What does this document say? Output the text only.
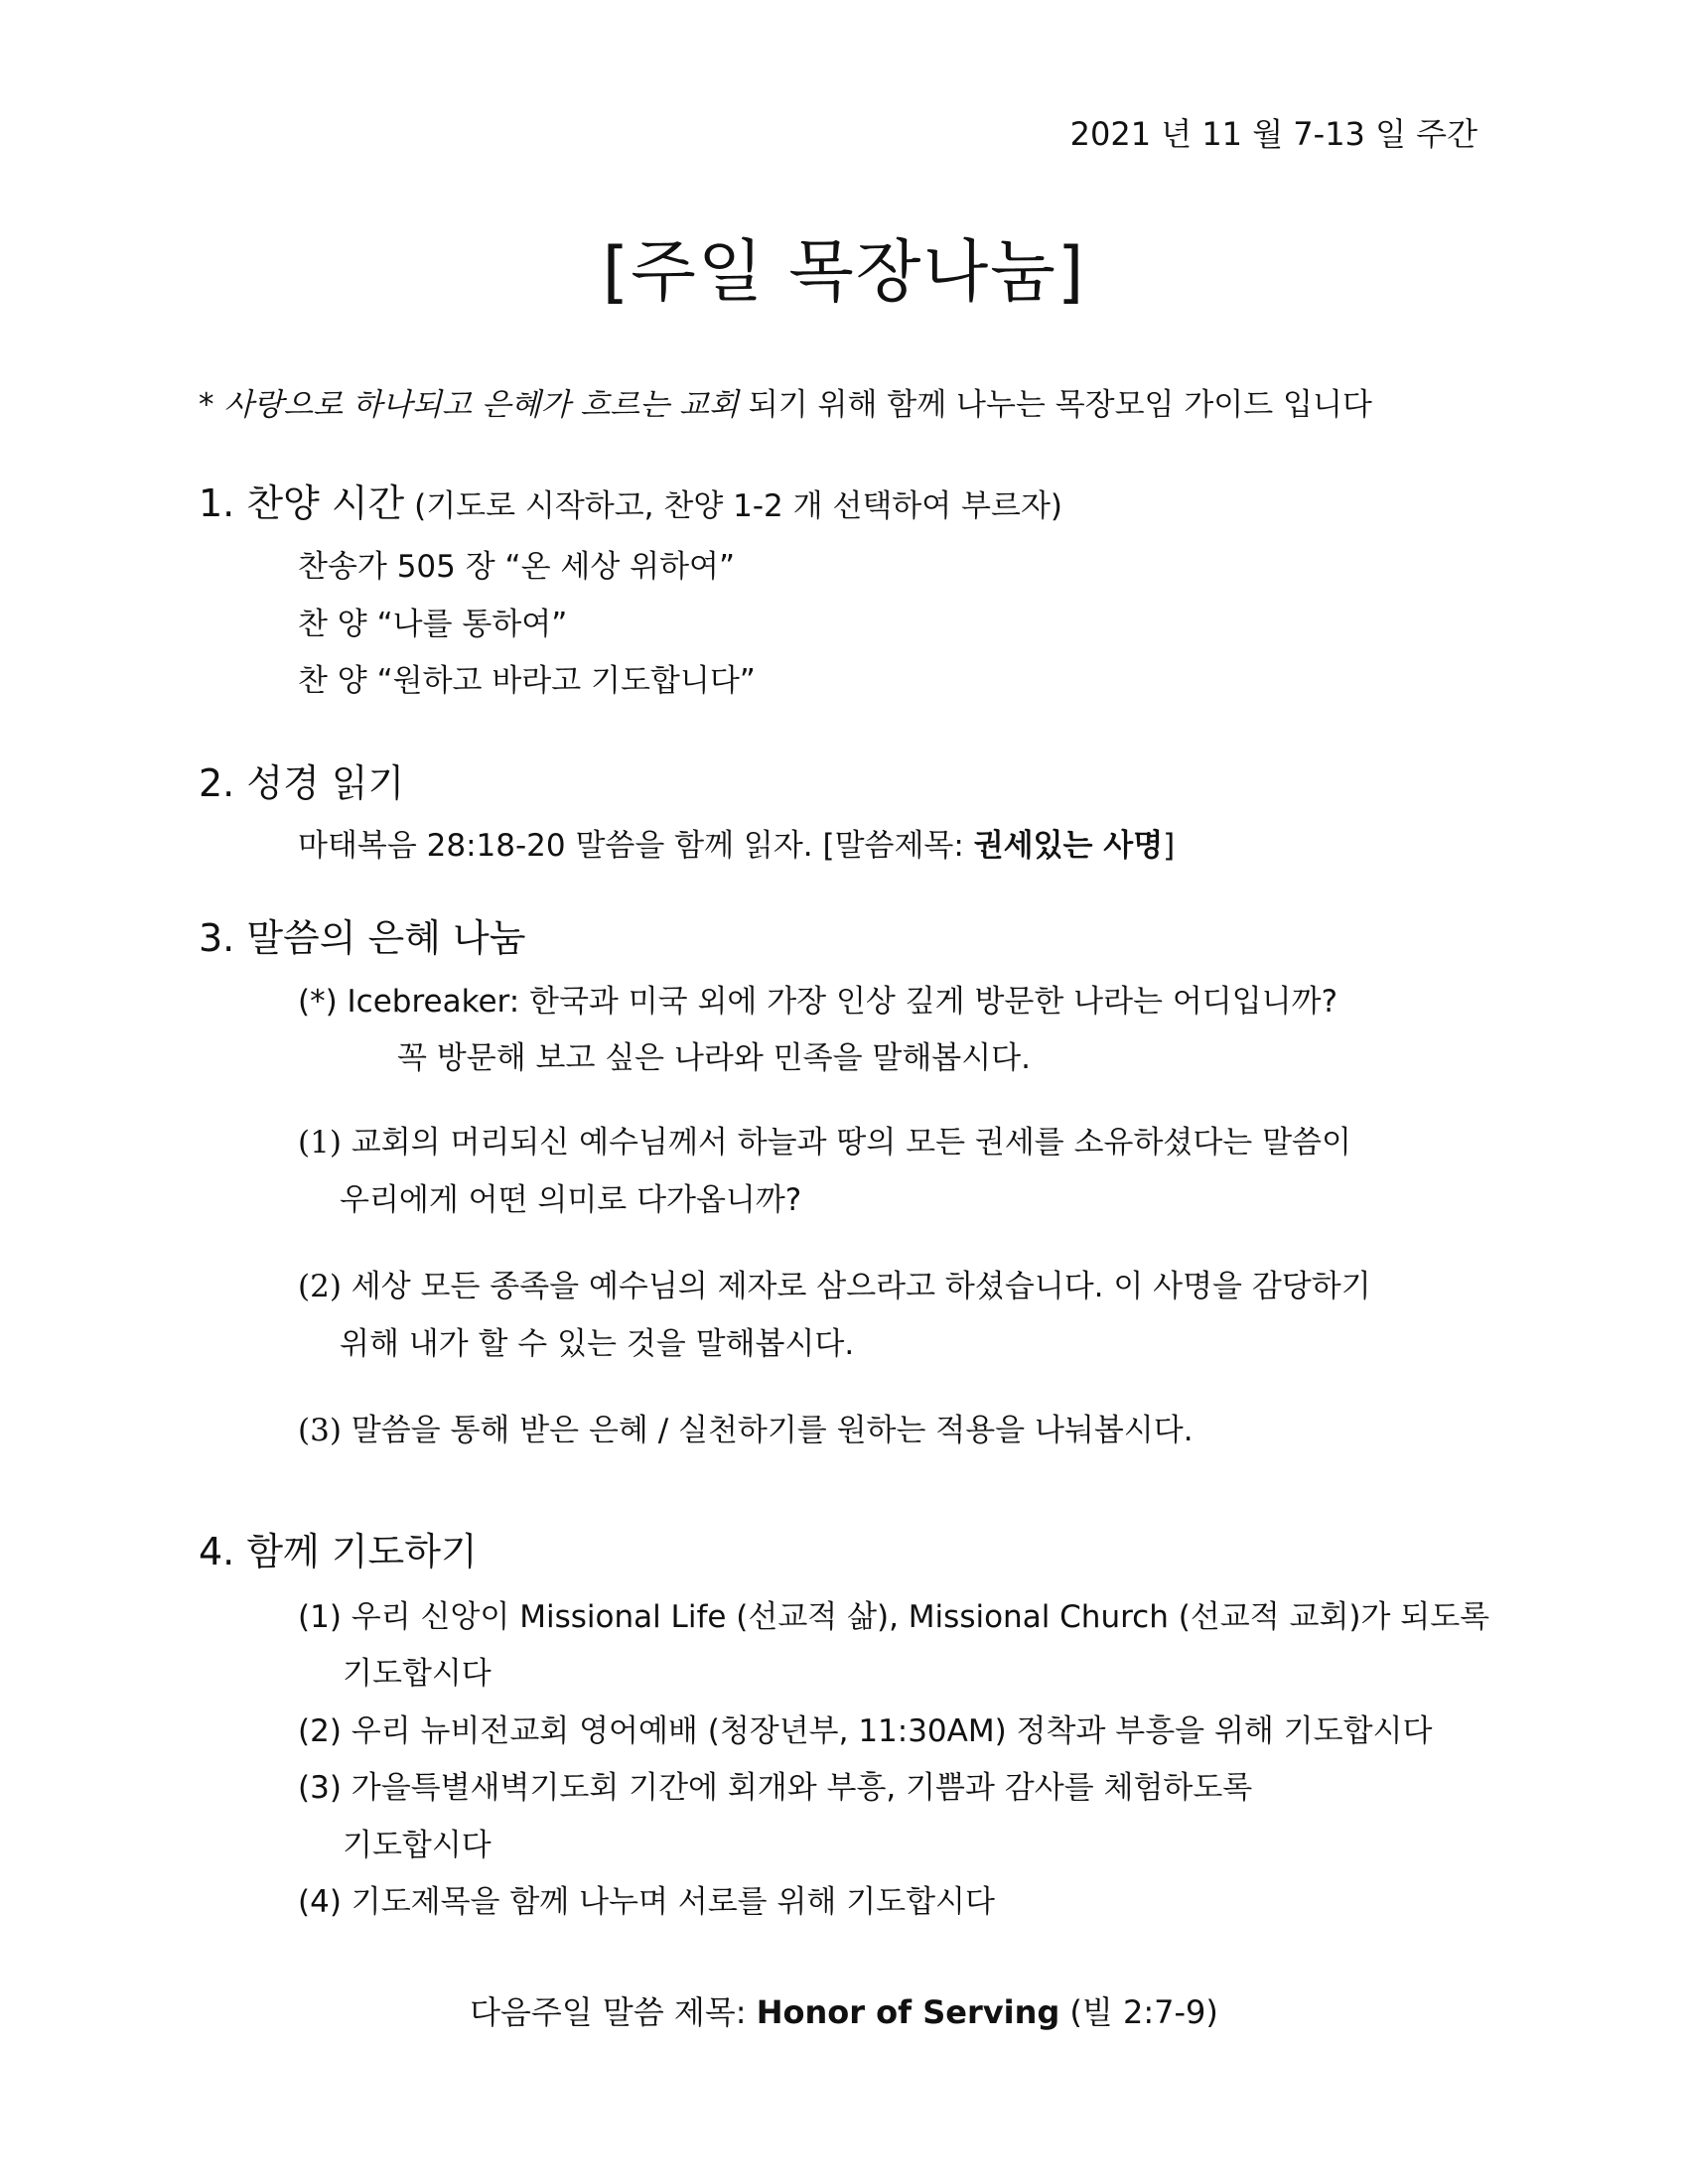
2021 년 11 월 7-13 일 주간
[주일 목장나눔]
* 사랑으로 하나되고 은혜가 흐르는 교회 되기 위해 함께 나누는 목장모임 가이드 입니다
1. 찬양 시간 (기도로 시작하고, 찬양 1-2 개 선택하여 부르자)
찬송가 505 장 “온 세상 위하여”
찬 양 “나를 통하여”
찬 양 “원하고 바라고 기도합니다”
2. 성경 읽기
마태복음 28:18-20 말씀을 함께 읽자. [말씀제목: 권세있는 사명]
3. 말씀의 은혜 나눔
(*) Icebreaker: 한국과 미국 외에 가장 인상 깊게 방문한 나라는 어디입니까?
꼭 방문해 보고 싶은 나라와 민족을 말해봅시다.
(1) 교회의 머리되신 예수님께서 하늘과 땅의 모든 권세를 소유하셨다는 말씀이
우리에게 어떤 의미로 다가옵니까?
(2) 세상 모든 종족을 예수님의 제자로 삼으라고 하셨습니다. 이 사명을 감당하기
위해 내가 할 수 있는 것을 말해봅시다.
(3) 말씀을 통해 받은 은혜 / 실천하기를 원하는 적용을 나눠봅시다.
4. 함께 기도하기
(1) 우리 신앙이 Missional Life (선교적 삶), Missional Church (선교적 교회)가 되도록
기도합시다
(2) 우리 뉴비전교회 영어예배 (청장년부, 11:30AM) 정착과 부흥을 위해 기도합시다
(3) 가을특별새벽기도회 기간에 회개와 부흥, 기쁨과 감사를 체험하도록
기도합시다
(4) 기도제목을 함께 나누며 서로를 위해 기도합시다
다음주일 말씀 제목: Honor of Serving (빌 2:7-9)
